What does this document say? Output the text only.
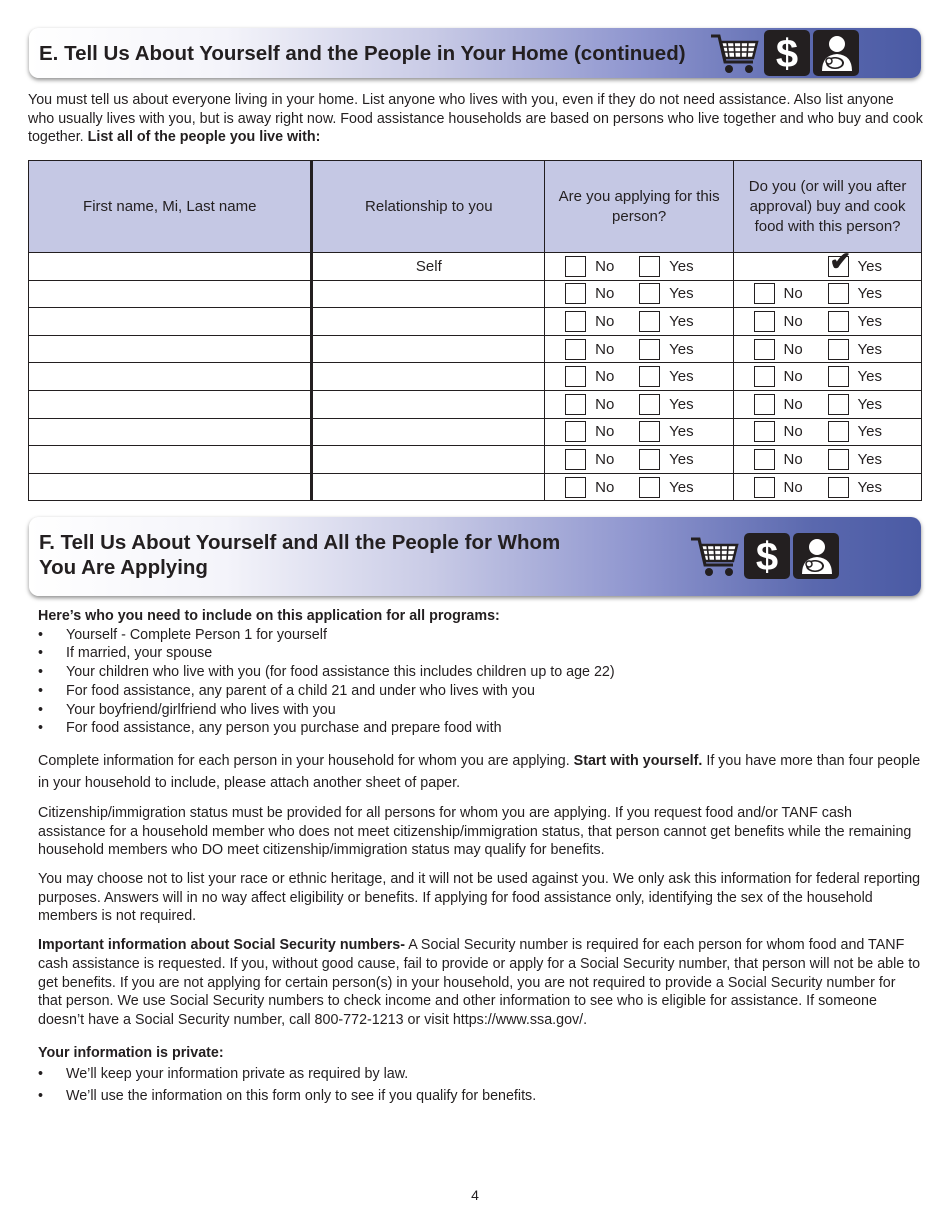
E. Tell Us About Yourself and the People in Your Home (continued) $
You must tell us about everyone living in your home. List anyone who lives with you, even if they do not need assistance. Also list anyone who usually lives with you, but is away right now. Food assistance households are based on persons who live together and who buy and cook together. List all of the people you live with:
First name, Mi, Last name	Relationship to you	Are you applying for this person?	Do you (or will you after approval) buy and cook food with this person?
	Self	No Yes	✔ Yes

		No Yes	No Yes

		No Yes	No Yes

		No Yes	No Yes

		No Yes	No Yes

		No Yes	No Yes

		No Yes	No Yes

		No Yes	No Yes

		No Yes	No Yes
F. Tell Us About Yourself and All the People for Whom
You Are Applying	$
Here’s who you need to include on this application for all programs:
• Yourself - Complete Person 1 for yourself
• If married, your spouse
• Your children who live with you (for food assistance this includes children up to age 22)
• For food assistance, any parent of a child 21 and under who lives with you
• Your boyfriend/girlfriend who lives with you
• For food assistance, any person you purchase and prepare food with

Complete information for each person in your household for whom you are applying. Start with yourself. If you have more than four people in your household to include, please attach another sheet of paper.

Citizenship/immigration status must be provided for all persons for whom you are applying. If you request food and/or TANF cash assistance for a household member who does not meet citizenship/immigration status, that person cannot get benefits while the remaining household members who DO meet citizenship/immigration status may qualify for benefits.

You may choose not to list your race or ethnic heritage, and it will not be used against you. We only ask this information for federal reporting purposes. Answers will in no way affect eligibility or benefits. If applying for food assistance only, identifying the sex of the household members is not required.

Important information about Social Security numbers- A Social Security number is required for each person for whom food and TANF cash assistance is requested. If you, without good cause, fail to provide or apply for a Social Security number, that person will not be able to get benefits. If you are not applying for certain person(s) in your household, you are not required to provide a Social Security number for that person. We use Social Security numbers to check income and other information to see who is eligible for assistance. If someone doesn’t have a Social Security number, call 800-772-1213 or visit https://www.ssa.gov/.

Your information is private:
• We’ll keep your information private as required by law.
• We’ll use the information on this form only to see if you qualify for benefits.
4
